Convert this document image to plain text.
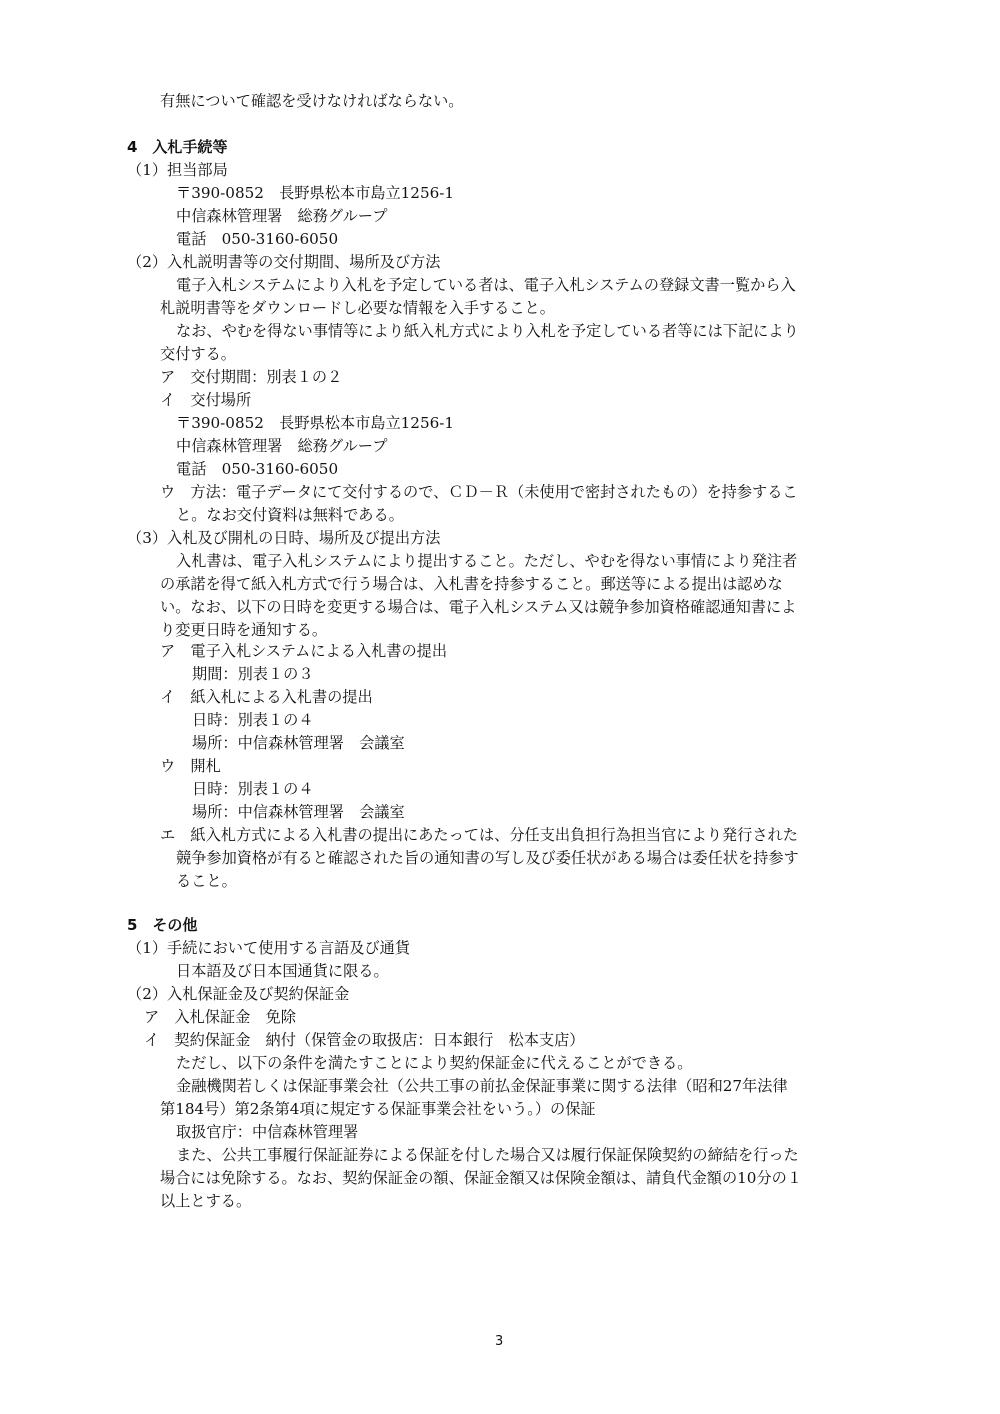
有無について確認を受けなければならない。

4　入札手続等

（1）担当部局

〒390-0852　長野県松本市島立1256-1

中信森林管理署　総務グループ

電話　050-3160-6050

（2）入札説明書等の交付期間、場所及び方法

電子入札システムにより入札を予定している者は、電子入札システムの登録文書一覧から入

札説明書等をダウンロードし必要な情報を入手すること。

なお、やむを得ない事情等により紙入札方式により入札を予定している者等には下記により

交付する。

ア　交付期間：別表１の２

イ　交付場所

〒390-0852　長野県松本市島立1256-1

中信森林管理署　総務グループ

電話　050-3160-6050

ウ　方法：電子データにて交付するので、ＣＤ－Ｒ（未使用で密封されたもの）を持参するこ

と。なお交付資料は無料である。

（3）入札及び開札の日時、場所及び提出方法

入札書は、電子入札システムにより提出すること。ただし、やむを得ない事情により発注者

の承諾を得て紙入札方式で行う場合は、入札書を持参すること。郵送等による提出は認めな

い。なお、以下の日時を変更する場合は、電子入札システム又は競争参加資格確認通知書によ

り変更日時を通知する。

ア　電子入札システムによる入札書の提出

期間：別表１の３

イ　紙入札による入札書の提出

日時：別表１の４

場所：中信森林管理署　会議室

ウ　開札

日時：別表１の４

場所：中信森林管理署　会議室

エ　紙入札方式による入札書の提出にあたっては、分任支出負担行為担当官により発行された

競争参加資格が有ると確認された旨の通知書の写し及び委任状がある場合は委任状を持参す

ること。

5　その他

（1）手続において使用する言語及び通貨

日本語及び日本国通貨に限る。

（2）入札保証金及び契約保証金

ア　入札保証金　免除

イ　契約保証金　納付（保管金の取扱店：日本銀行　松本支店）

ただし、以下の条件を満たすことにより契約保証金に代えることができる。

金融機関若しくは保証事業会社（公共工事の前払金保証事業に関する法律（昭和27年法律

第184号）第2条第4項に規定する保証事業会社をいう。）の保証

取扱官庁：中信森林管理署

また、公共工事履行保証証券による保証を付した場合又は履行保証保険契約の締結を行った

場合には免除する。なお、契約保証金の額、保証金額又は保険金額は、請負代金額の10分の１

以上とする。

3
